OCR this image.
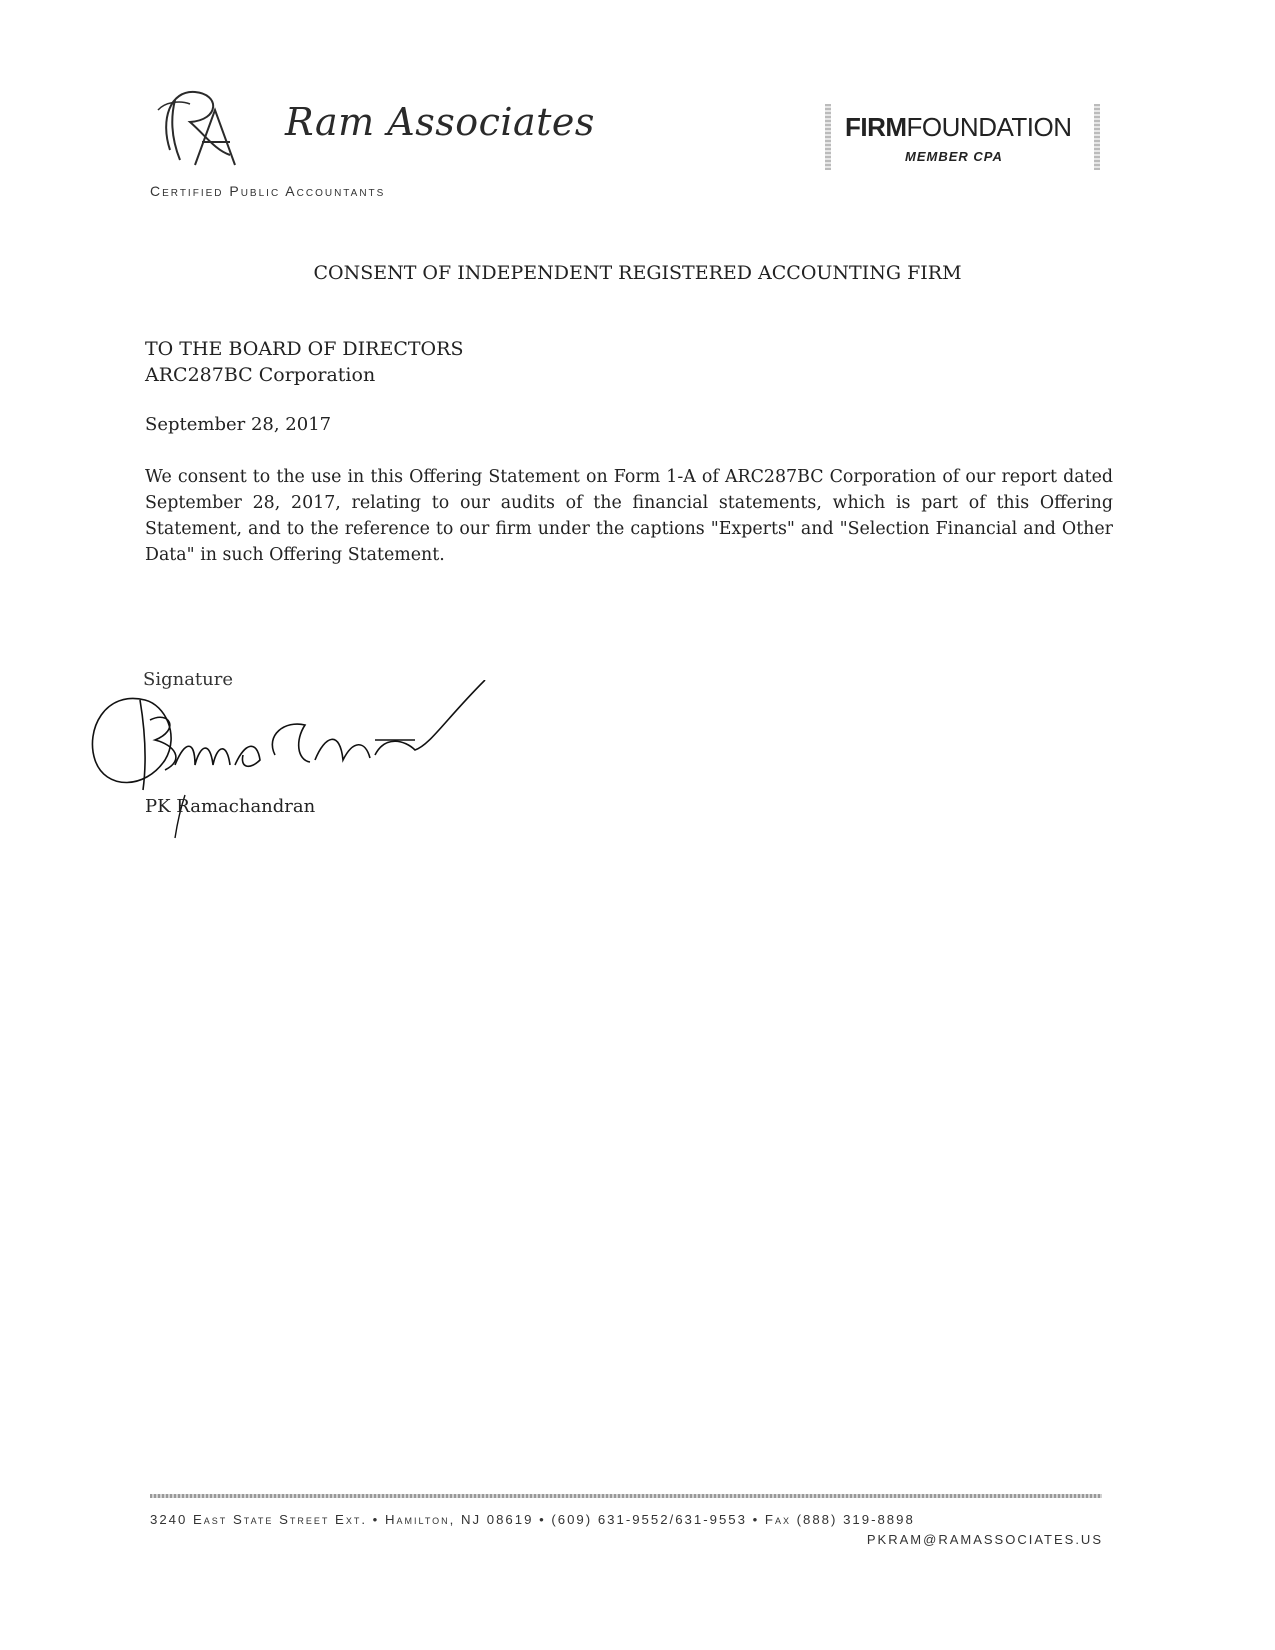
Ram Associates
Certified Public Accountants
FIRMFOUNDATION
MEMBER CPA
CONSENT OF INDEPENDENT REGISTERED ACCOUNTING FIRM
TO THE BOARD OF DIRECTORS
ARC287BC Corporation
September 28, 2017
We consent to the use in this Offering Statement on Form 1-A of ARC287BC Corporation of our report dated September 28, 2017, relating to our audits of the financial statements, which is part of this Offering Statement, and to the reference to our firm under the captions "Experts" and "Selection Financial and Other Data" in such Offering Statement.
Signature
PK Ramachandran
3240 East State Street Ext. • Hamilton, NJ 08619 • (609) 631-9552/631-9553 • Fax (888) 319-8898
PKRAM@RAMASSOCIATES.US
